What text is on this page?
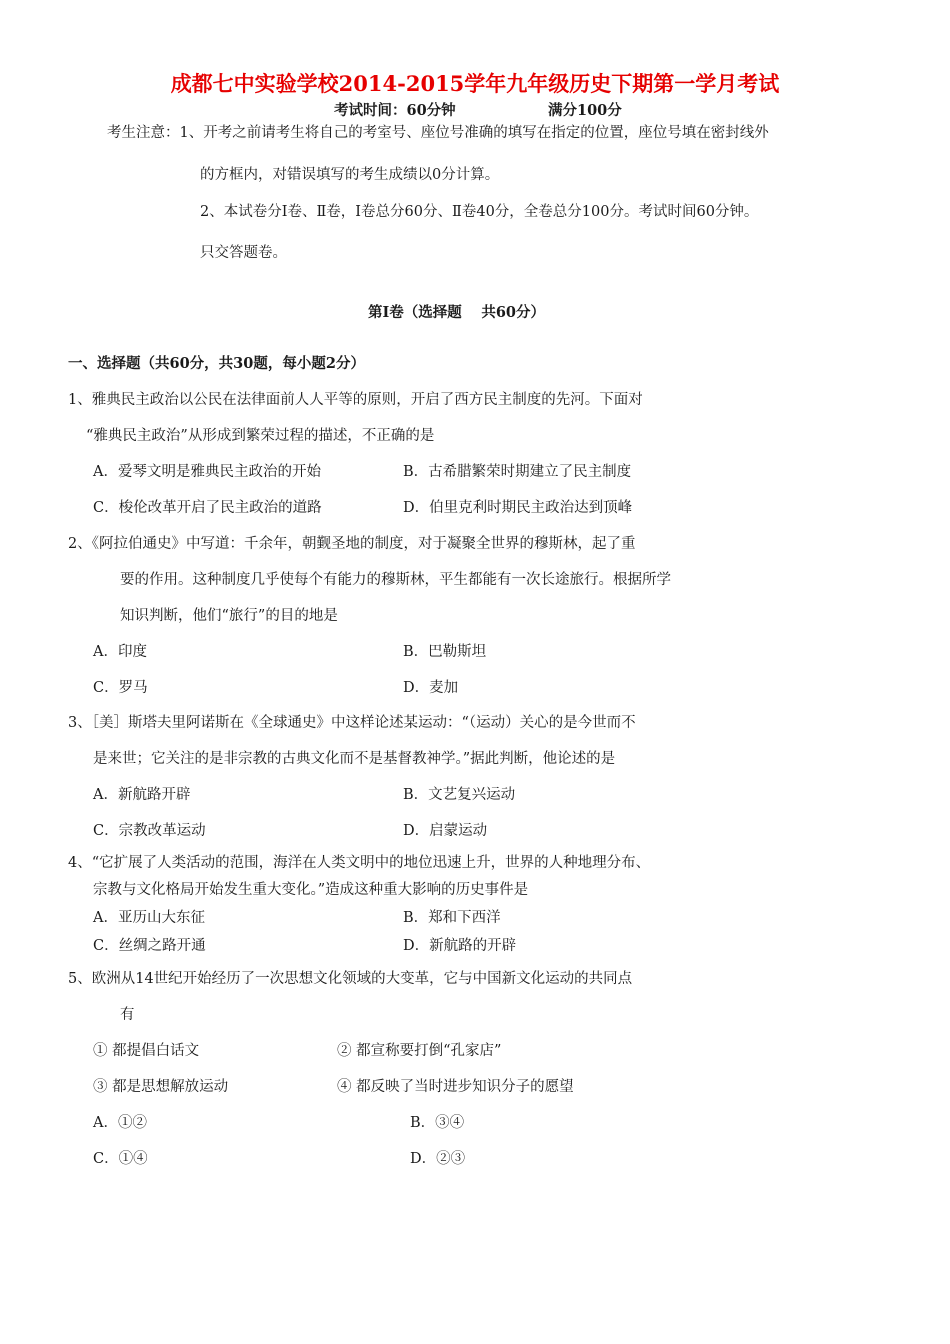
成都七中实验学校2014-2015学年九年级历史下期第一学月考试
考试时间：60分钟	满分100分
考生注意：1、开考之前请考生将自己的考室号、座位号准确的填写在指定的位置，座位号填在密封线外
的方框内，对错误填写的考生成绩以0分计算。
2、本试卷分Ⅰ卷、Ⅱ卷，Ⅰ卷总分60分、Ⅱ卷40分，全卷总分100分。考试时间60分钟。
只交答题卷。
第Ⅰ卷（选择题　 共60分）
一、选择题（共60分，共30题，每小题2分）
1、雅典民主政治以公民在法律面前人人平等的原则，开启了西方民主制度的先河。下面对
“雅典民主政治”从形成到繁荣过程的描述，不正确的是
A．爱琴文明是雅典民主政治的开始	B．古希腊繁荣时期建立了民主制度
C．梭伦改革开启了民主政治的道路	D．伯里克利时期民主政治达到顶峰
2、《阿拉伯通史》中写道：千余年，朝觐圣地的制度，对于凝聚全世界的穆斯林，起了重
要的作用。这种制度几乎使每个有能力的穆斯林，平生都能有一次长途旅行。根据所学
知识判断，他们“旅行”的目的地是
A．印度	B．巴勒斯坦
C．罗马	D．麦加
3、［美］斯塔夫里阿诺斯在《全球通史》中这样论述某运动：“（运动）关心的是今世而不
是来世；它关注的是非宗教的古典文化而不是基督教神学。”据此判断，他论述的是
A．新航路开辟	B．文艺复兴运动
C．宗教改革运动	D．启蒙运动
4、“它扩展了人类活动的范围，海洋在人类文明中的地位迅速上升，世界的人种地理分布、
宗教与文化格局开始发生重大变化。”造成这种重大影响的历史事件是
A．亚历山大东征	B．郑和下西洋
C．丝绸之路开通	D．新航路的开辟
5、欧洲从14世纪开始经历了一次思想文化领域的大变革，它与中国新文化运动的共同点
有
① 都提倡白话文	② 都宣称要打倒“孔家店”
③ 都是思想解放运动	④ 都反映了当时进步知识分子的愿望
A．①②	B．③④
C．①④	D．②③
